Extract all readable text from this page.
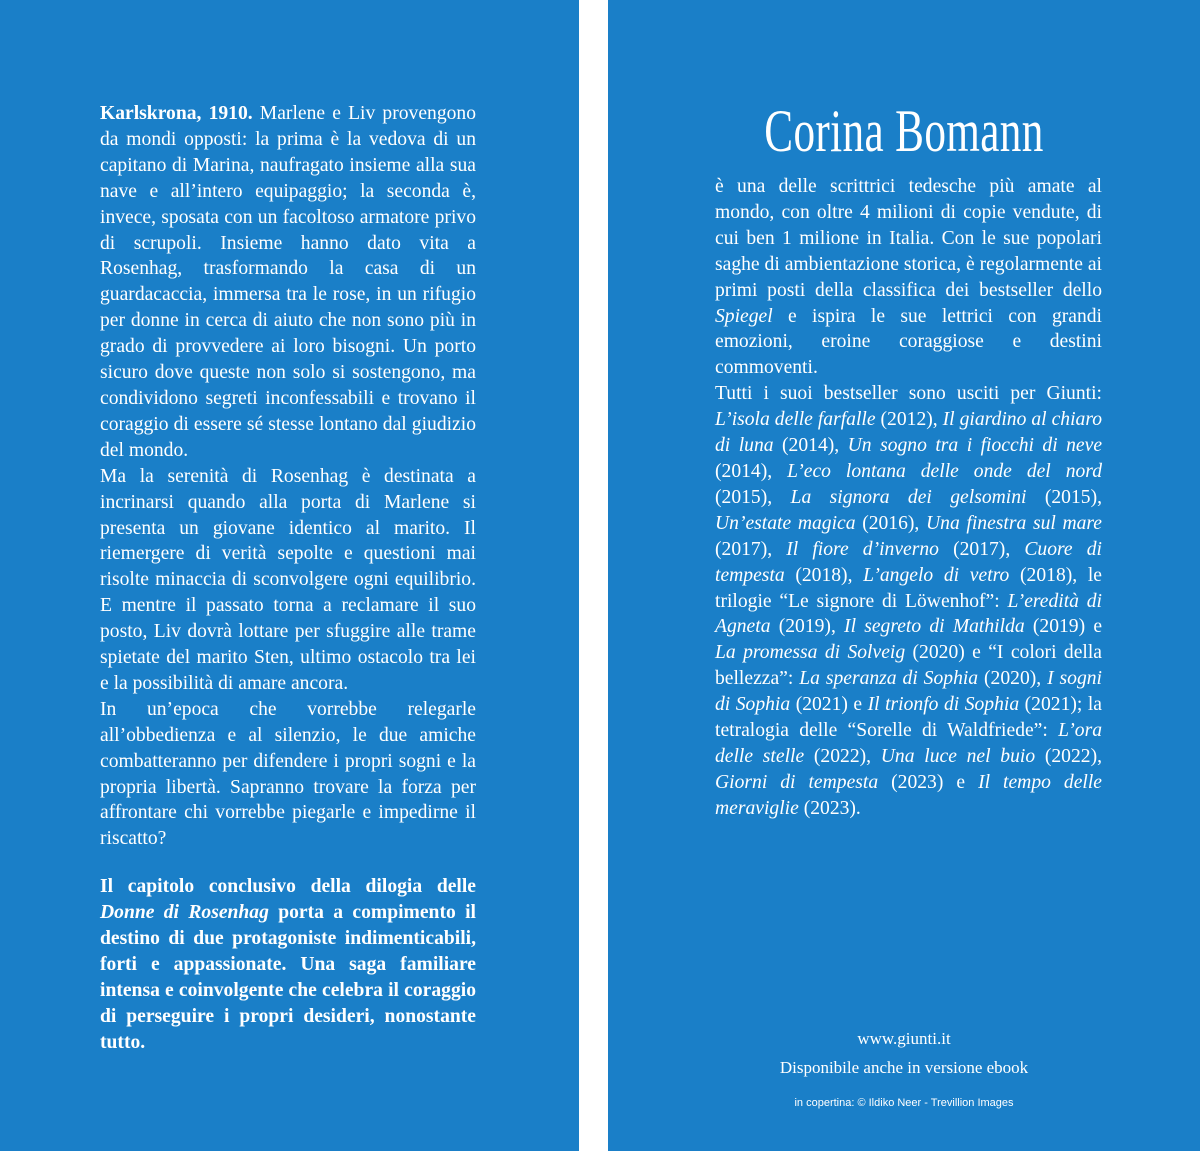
Karlskrona, 1910. Marlene e Liv provengono da mondi opposti: la prima è la vedova di un capitano di Marina, naufragato insieme alla sua nave e all’intero equipaggio; la seconda è, invece, sposata con un facoltoso armatore privo di scrupoli. Insieme hanno dato vita a Rosenhag, trasformando la casa di un guardacaccia, immersa tra le rose, in un rifugio per donne in cerca di aiuto che non sono più in grado di provvedere ai loro bisogni. Un porto sicuro dove queste non solo si sostengono, ma condividono segreti inconfessabili e trovano il coraggio di essere sé stesse lontano dal giudizio del mondo.

Ma la serenità di Rosenhag è destinata a incrinarsi quando alla porta di Marlene si presenta un giovane identico al marito. Il riemergere di verità sepolte e questioni mai risolte minaccia di sconvolgere ogni equilibrio. E mentre il passato torna a reclamare il suo posto, Liv dovrà lottare per sfuggire alle trame spietate del marito Sten, ultimo ostacolo tra lei e la possibilità di amare ancora.

In un’epoca che vorrebbe relegarle all’obbedienza e al silenzio, le due amiche combatteranno per difendere i propri sogni e la propria libertà. Sapranno trovare la forza per affrontare chi vorrebbe piegarle e impedirne il riscatto?

Il capitolo conclusivo della dilogia delle Donne di Rosenhag porta a compimento il destino di due protagoniste indimenticabili, forti e appassionate. Una saga familiare intensa e coinvolgente che celebra il coraggio di perseguire i propri desideri, nonostante tutto.

Corina Bomann

è una delle scrittrici tedesche più amate al mondo, con oltre 4 milioni di copie vendute, di cui ben 1 milione in Italia. Con le sue popolari saghe di ambientazione storica, è regolarmente ai primi posti della classifica dei bestseller dello Spiegel e ispira le sue lettrici con grandi emozioni, eroine coraggiose e destini commoventi.

Tutti i suoi bestseller sono usciti per Giunti: L’isola delle farfalle (2012), Il giardino al chiaro di luna (2014), Un sogno tra i fiocchi di neve (2014), L’eco lontana delle onde del nord (2015), La signora dei gelsomini (2015), Un’estate magica (2016), Una finestra sul mare (2017), Il fiore d’inverno (2017), Cuore di tempesta (2018), L’angelo di vetro (2018), le trilogie “Le signore di Löwenhof”: L’eredità di Agneta (2019), Il segreto di Mathilda (2019) e La promessa di Solveig (2020) e “I colori della bellezza”: La speranza di Sophia (2020), I sogni di Sophia (2021) e Il trionfo di Sophia (2021); la tetralogia delle “Sorelle di Waldfriede”: L’ora delle stelle (2022), Una luce nel buio (2022), Giorni di tempesta (2023) e Il tempo delle meraviglie (2023).

www.giunti.it
Disponibile anche in versione ebook
in copertina: © Ildiko Neer - Trevillion Images
